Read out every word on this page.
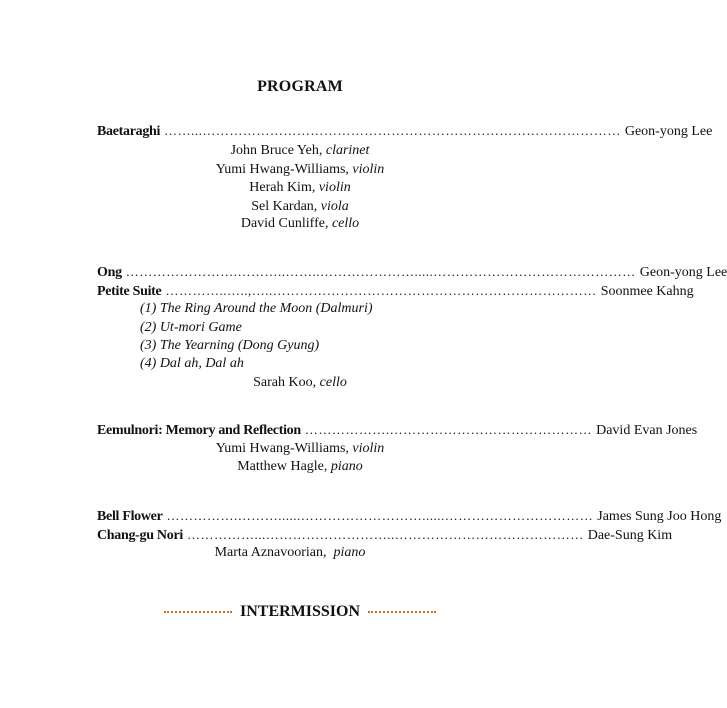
PROGRAM
Baetaraghi ……...………………………………………………………………………………… Geon-yong Lee
John Bruce Yeh, clarinet
Yumi Hwang-Williams, violin
Herah Kim, violin
Sel Kardan, viola
David Cunliffe, cello
Ong …………………….………..……..………………….....……………………………………… Geon-yong Lee
Petite Suite …………..…..,…..……………………………………………………………… Soonmee Kahng
(1) The Ring Around the Moon (Dalmuri)
(2) Ut-mori Game
(3) The Yearning (Dong Gyung)
(4) Dal ah, Dal ah
Sarah Koo, cello
Eemulnori: Memory and Reflection ……………….……………………………………… David Evan Jones
Yumi Hwang-Williams, violin
Matthew Hagle, piano
Bell Flower …………….………......………………………......…………………………… James Sung Joo Hong
Chang-gu Nori ……………...………………………..…………………………………… Dae-Sung Kim
Marta Aznavoorian, piano
INTERMISSION
